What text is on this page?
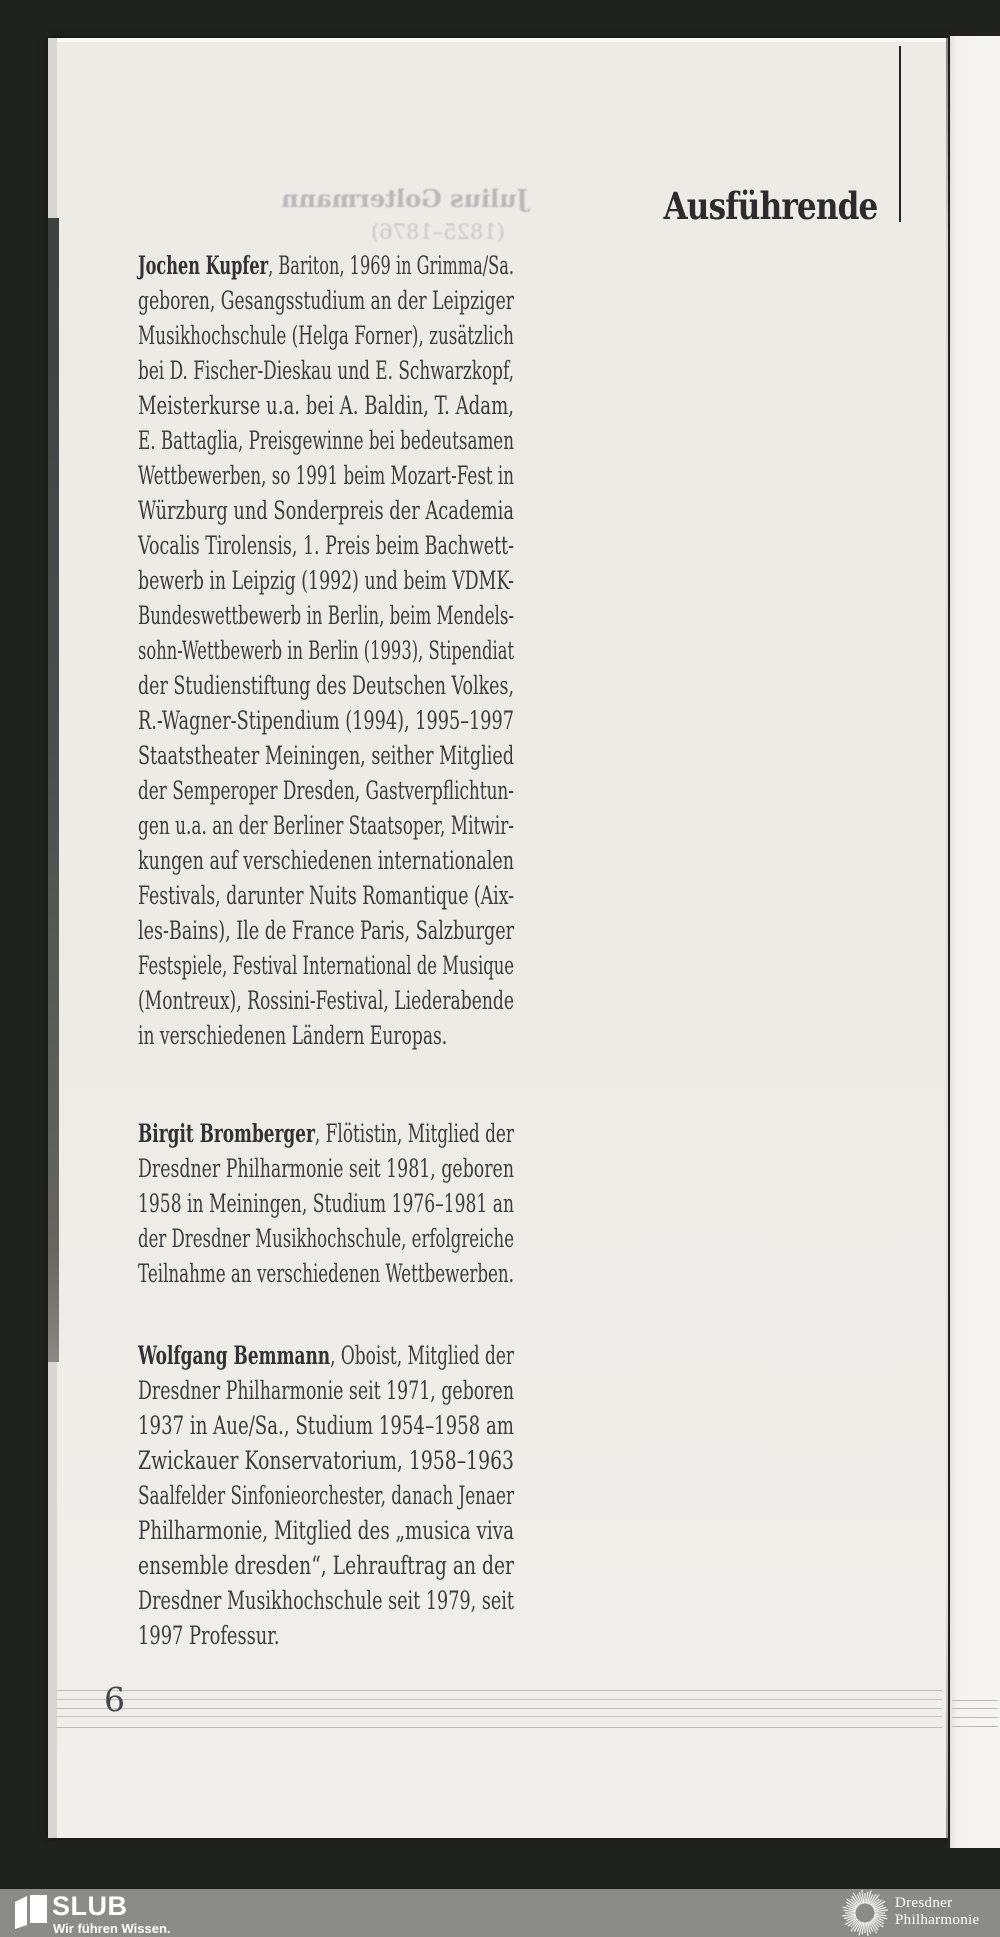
Ausführende
Julius Goltermann
(1825–1876)
Jochen Kupfer, Bariton, 1969 in Grimma/Sa.
geboren, Gesangsstudium an der Leipziger
Musikhochschule (Helga Forner), zusätzlich
bei D. Fischer-Dieskau und E. Schwarzkopf,
Meisterkurse u.a. bei A. Baldin, T. Adam,
E. Battaglia, Preisgewinne bei bedeutsamen
Wettbewerben, so 1991 beim Mozart-Fest in
Würzburg und Sonderpreis der Academia
Vocalis Tirolensis, 1. Preis beim Bachwett-
bewerb in Leipzig (1992) und beim VDMK-
Bundeswettbewerb in Berlin, beim Mendels-
sohn-Wettbewerb in Berlin (1993), Stipendiat
der Studienstiftung des Deutschen Volkes,
R.-Wagner-Stipendium (1994), 1995–1997
Staatstheater Meiningen, seither Mitglied
der Semperoper Dresden, Gastverpflichtun-
gen u.a. an der Berliner Staatsoper, Mitwir-
kungen auf verschiedenen internationalen
Festivals, darunter Nuits Romantique (Aix-
les-Bains), Ile de France Paris, Salzburger
Festspiele, Festival International de Musique
(Montreux), Rossini-Festival, Liederabende
in verschiedenen Ländern Europas.
Birgit Bromberger, Flötistin, Mitglied der
Dresdner Philharmonie seit 1981, geboren
1958 in Meiningen, Studium 1976–1981 an
der Dresdner Musikhochschule, erfolgreiche
Teilnahme an verschiedenen Wettbewerben.
Wolfgang Bemmann, Oboist, Mitglied der
Dresdner Philharmonie seit 1971, geboren
1937 in Aue/Sa., Studium 1954–1958 am
Zwickauer Konservatorium, 1958–1963
Saalfelder Sinfonieorchester, danach Jenaer
Philharmonie, Mitglied des „musica viva
ensemble dresden“, Lehrauftrag an der
Dresdner Musikhochschule seit 1979, seit
1997 Professur.
6
SLUB
Wir führen Wissen.
Dresdner
Philharmonie
